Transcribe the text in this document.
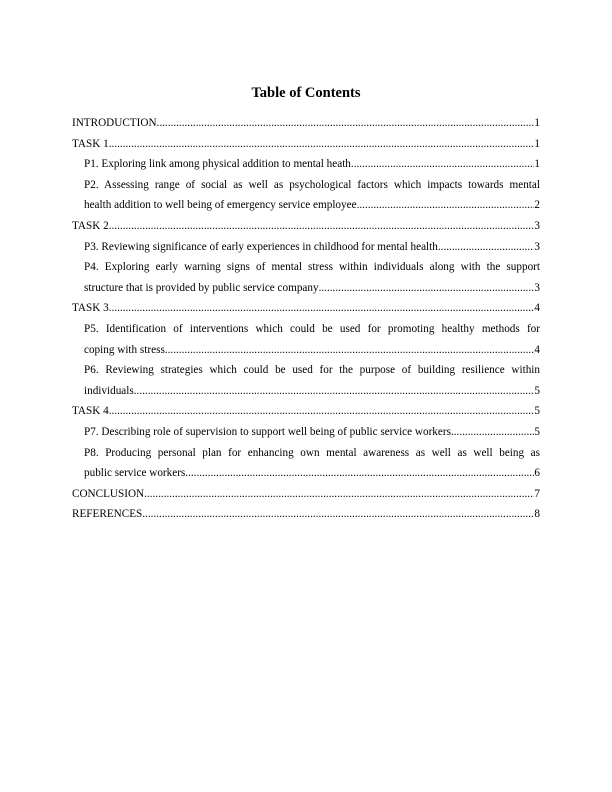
Table of Contents
INTRODUCTION .....	1
TASK 1 .....	1
P1. Exploring link among physical addition to mental heath .....	1
P2. Assessing range of social as well as psychological factors which impacts towards mental
health addition to well being of emergency service employee .....	2
TASK 2 .....	3
P3. Reviewing significance of early experiences in childhood for mental health .....	3
P4. Exploring early warning signs of mental stress within individuals along with the support
structure that is provided by public service company .....	3
TASK 3 .....	4
P5. Identification of interventions which could be used for promoting healthy methods for
coping with stress .....	4
P6. Reviewing strategies which could be used for the purpose of building resilience within
individuals .....	5
TASK 4 .....	5
P7. Describing role of supervision to support well being of public service workers .....	5
P8. Producing personal plan for enhancing own mental awareness as well as well being as
public service workers .....	6
CONCLUSION .....	7
REFERENCES .....	8
